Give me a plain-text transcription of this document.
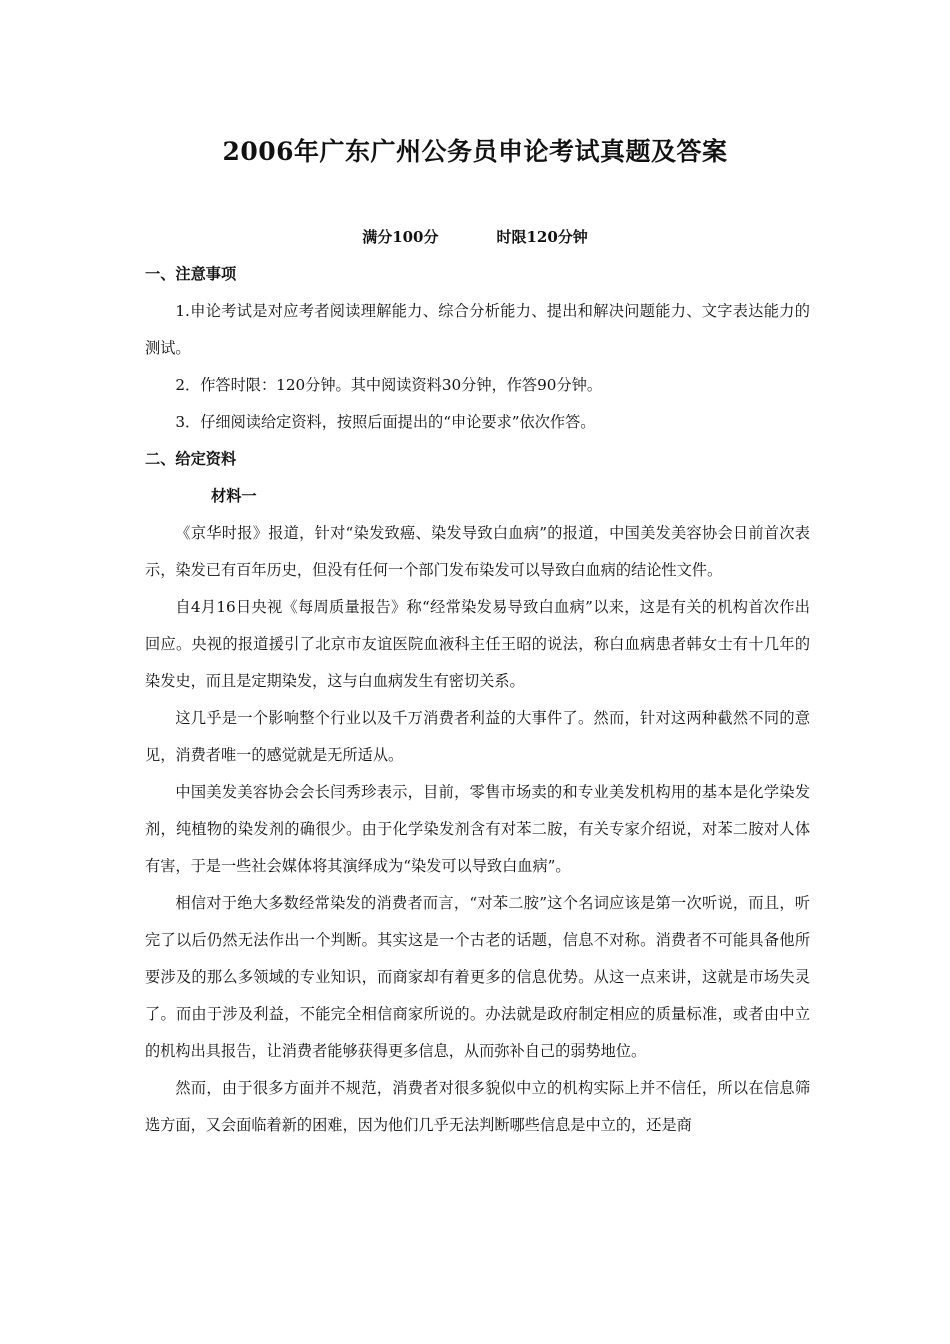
2006年广东广州公务员申论考试真题及答案
满分100分	时限120分钟

一、注意事项

1.申论考试是对应考者阅读理解能力、综合分析能力、提出和解决问题能力、文字表达能力的测试。

2．作答时限：120分钟。其中阅读资料30分钟，作答90分钟。

3．仔细阅读给定资料，按照后面提出的“申论要求”依次作答。

二、给定资料

材料一

《京华时报》报道，针对“染发致癌、染发导致白血病”的报道，中国美发美容协会日前首次表示，染发已有百年历史，但没有任何一个部门发布染发可以导致白血病的结论性文件。

自4月16日央视《每周质量报告》称“经常染发易导致白血病”以来，这是有关的机构首次作出回应。央视的报道援引了北京市友谊医院血液科主任王昭的说法，称白血病患者韩女士有十几年的染发史，而且是定期染发，这与白血病发生有密切关系。

这几乎是一个影响整个行业以及千万消费者利益的大事件了。然而，针对这两种截然不同的意见，消费者唯一的感觉就是无所适从。

中国美发美容协会会长闫秀珍表示，目前，零售市场卖的和专业美发机构用的基本是化学染发剂，纯植物的染发剂的确很少。由于化学染发剂含有对苯二胺，有关专家介绍说，对苯二胺对人体有害，于是一些社会媒体将其演绎成为“染发可以导致白血病”。

相信对于绝大多数经常染发的消费者而言，“对苯二胺”这个名词应该是第一次听说，而且，听完了以后仍然无法作出一个判断。其实这是一个古老的话题，信息不对称。消费者不可能具备他所要涉及的那么多领域的专业知识，而商家却有着更多的信息优势。从这一点来讲，这就是市场失灵了。而由于涉及利益，不能完全相信商家所说的。办法就是政府制定相应的质量标准，或者由中立的机构出具报告，让消费者能够获得更多信息，从而弥补自己的弱势地位。

然而，由于很多方面并不规范，消费者对很多貌似中立的机构实际上并不信任，所以在信息筛选方面，又会面临着新的困难，因为他们几乎无法判断哪些信息是中立的，还是商
